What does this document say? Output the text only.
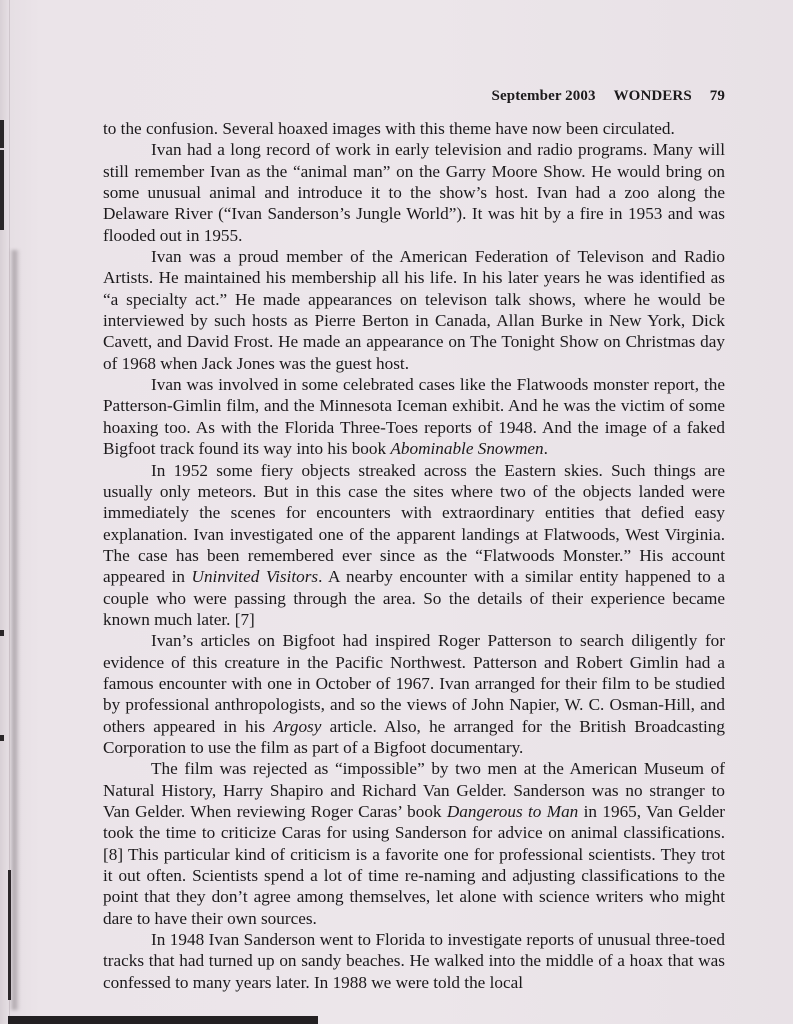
September 2003 WONDERS 79

to the confusion. Several hoaxed images with this theme have now been circulated.

Ivan had a long record of work in early television and radio programs. Many will still remember Ivan as the “animal man” on the Garry Moore Show. He would bring on some unusual animal and introduce it to the show’s host. Ivan had a zoo along the Delaware River (“Ivan Sanderson’s Jungle World”). It was hit by a fire in 1953 and was flooded out in 1955.

Ivan was a proud member of the American Federation of Televison and Radio Artists. He maintained his membership all his life. In his later years he was identified as “a specialty act.” He made appearances on televison talk shows, where he would be interviewed by such hosts as Pierre Berton in Canada, Allan Burke in New York, Dick Cavett, and David Frost. He made an appearance on The Tonight Show on Christmas day of 1968 when Jack Jones was the guest host.

Ivan was involved in some celebrated cases like the Flatwoods monster report, the Patterson-Gimlin film, and the Minnesota Iceman exhibit. And he was the victim of some hoaxing too. As with the Florida Three-Toes reports of 1948. And the image of a faked Bigfoot track found its way into his book Abominable Snowmen.

In 1952 some fiery objects streaked across the Eastern skies. Such things are usually only meteors. But in this case the sites where two of the objects landed were immediately the scenes for encounters with extraordinary entities that defied easy explanation. Ivan investigated one of the apparent landings at Flatwoods, West Virginia. The case has been remembered ever since as the “Flatwoods Monster.” His account appeared in Uninvited Visitors. A nearby encounter with a similar entity happened to a couple who were passing through the area. So the details of their experience became known much later. [7]

Ivan’s articles on Bigfoot had inspired Roger Patterson to search diligently for evidence of this creature in the Pacific Northwest. Patterson and Robert Gimlin had a famous encounter with one in October of 1967. Ivan arranged for their film to be studied by professional anthropologists, and so the views of John Napier, W. C. Osman-Hill, and others appeared in his Argosy article. Also, he arranged for the British Broadcasting Corporation to use the film as part of a Bigfoot documentary.

The film was rejected as “impossible” by two men at the American Museum of Natural History, Harry Shapiro and Richard Van Gelder. Sanderson was no stranger to Van Gelder. When reviewing Roger Caras’ book Dangerous to Man in 1965, Van Gelder took the time to criticize Caras for using Sanderson for advice on animal classifications. [8] This particular kind of criticism is a favorite one for professional scientists. They trot it out often. Scientists spend a lot of time re-naming and adjusting classifications to the point that they don’t agree among themselves, let alone with science writers who might dare to have their own sources.

In 1948 Ivan Sanderson went to Florida to investigate reports of unusual three-toed tracks that had turned up on sandy beaches. He walked into the middle of a hoax that was confessed to many years later. In 1988 we were told the local
